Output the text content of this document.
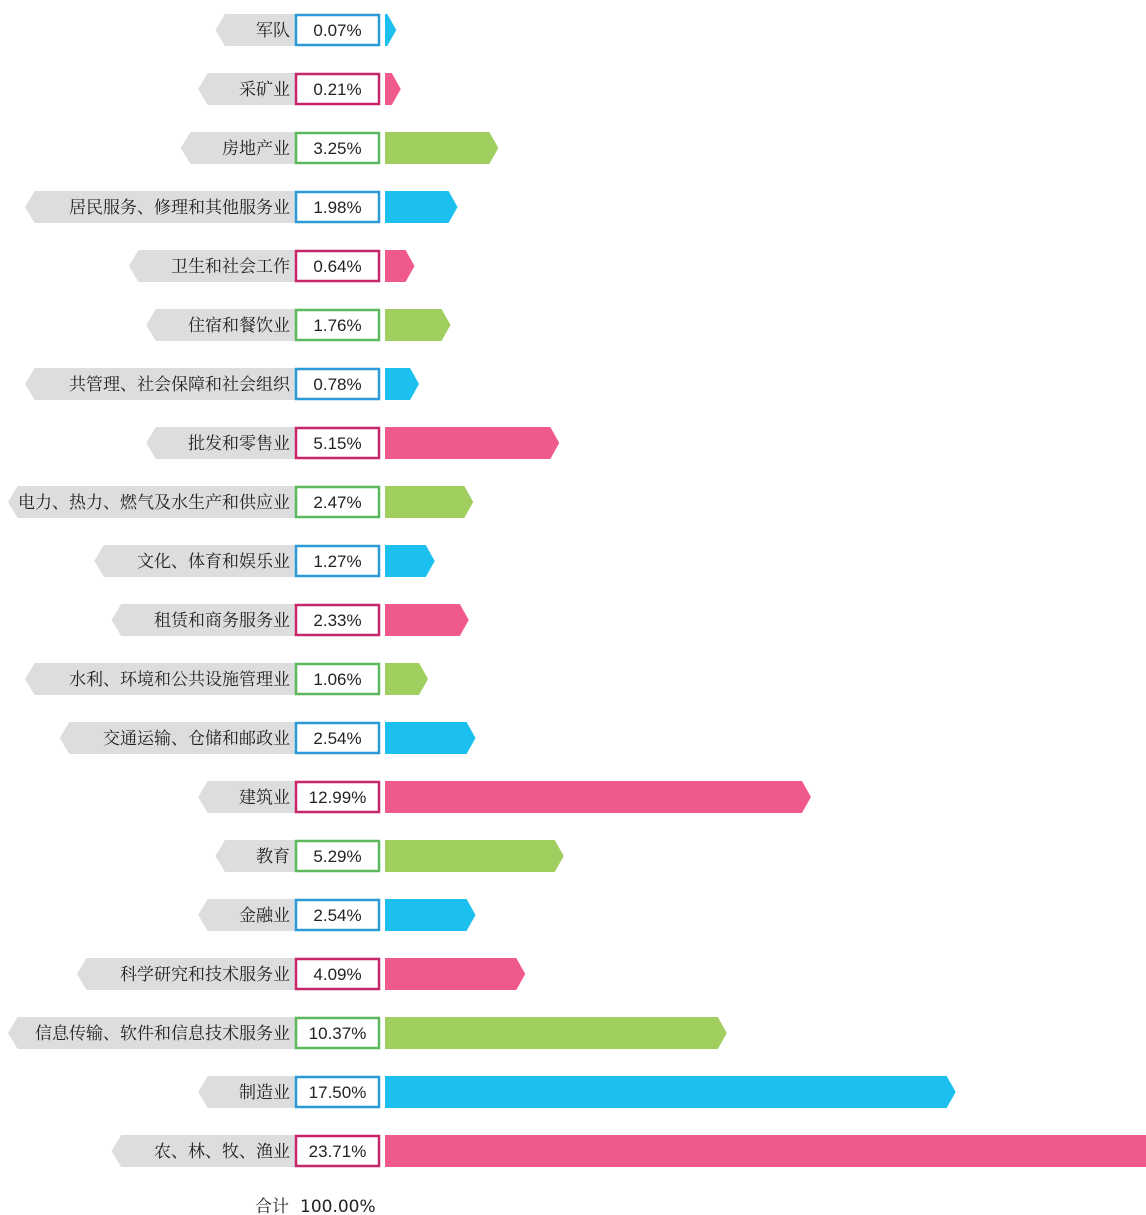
军队 0.07%
采矿业 0.21%
房地产业 3.25%
居民服务、修理和其他服务业 1.98%
卫生和社会工作 0.64%
住宿和餐饮业 1.76%
共管理、社会保障和社会组织 0.78%
批发和零售业 5.15%
电力、热力、燃气及水生产和供应业 2.47%
文化、体育和娱乐业 1.27%
租赁和商务服务业 2.33%
水利、环境和公共设施管理业 1.06%
交通运输、仓储和邮政业 2.54%
建筑业 12.99%
教育 5.29%
金融业 2.54%
科学研究和技术服务业 4.09%
信息传输、软件和信息技术服务业 10.37%
制造业 17.50%
农、林、牧、渔业 23.71%
合计 100.00%
